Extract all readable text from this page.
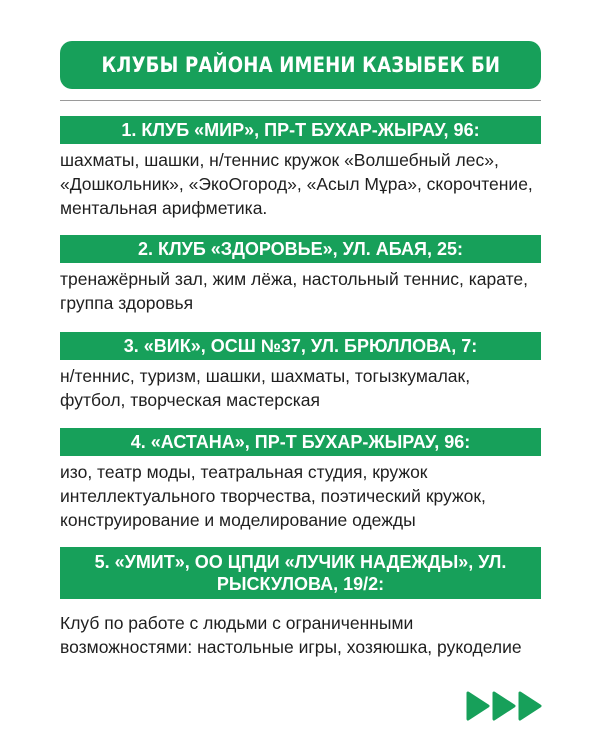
КЛУБЫ РАЙОНА ИМЕНИ КАЗЫБЕК БИ
1. КЛУБ «МИР», ПР-Т БУХАР-ЖЫРАУ, 96:
шахматы, шашки, н/теннис кружок «Волшебный лес», «Дошкольник», «ЭкоОгород», «Асыл Мұра», скорочтение, ментальная арифметика.
2. КЛУБ «ЗДОРОВЬЕ», УЛ. АБАЯ, 25:
тренажёрный зал, жим лёжа, настольный теннис, карате, группа здоровья
3. «ВИК», ОСШ №37, УЛ. БРЮЛЛОВА, 7:
н/теннис, туризм, шашки, шахматы, тогызкумалак, футбол, творческая мастерская
4. «АСТАНА», ПР-Т БУХАР-ЖЫРАУ, 96:
изо, театр моды, театральная студия, кружок интеллектуального творчества, поэтический кружок, конструирование и моделирование одежды
5. «УМИТ», ОО ЦПДИ «ЛУЧИК НАДЕЖДЫ», УЛ. РЫСКУЛОВА, 19/2:
Клуб по работе с людьми с ограниченными возможностями: настольные игры, хозяюшка, рукоделие
